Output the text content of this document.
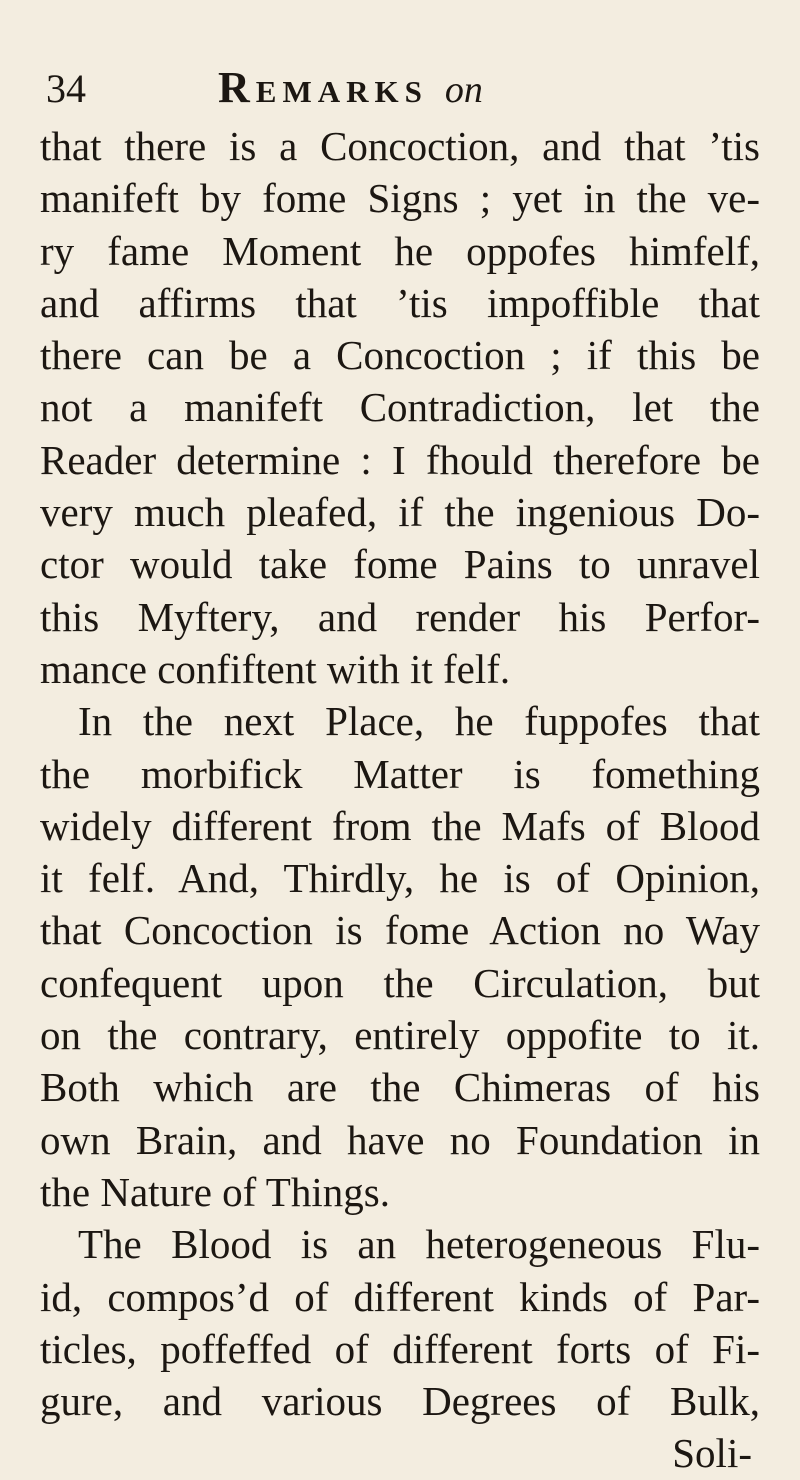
34	Remarks on
that there is a Concoction, and that ’tis
manifeft by fome Signs ; yet in the ve-
ry fame Moment he oppofes himfelf,
and affirms that ’tis impoffible that
there can be a Concoction ; if this be
not a manifeft Contradiction, let the
Reader determine : I fhould therefore be
very much pleafed, if the ingenious Do-
ctor would take fome Pains to unravel
this Myftery, and render his Perfor-
mance confiftent with it felf.
In the next Place, he fuppofes that
the morbifick Matter is fomething
widely different from the Mafs of Blood
it felf. And, Thirdly, he is of Opinion,
that Concoction is fome Action no Way
confequent upon the Circulation, but
on the contrary, entirely oppofite to it.
Both which are the Chimeras of his
own Brain, and have no Foundation in
the Nature of Things.
The Blood is an heterogeneous Flu-
id, compos’d of different kinds of Par-
ticles, poffeffed of different forts of Fi-
gure, and various Degrees of Bulk,
Soli-
